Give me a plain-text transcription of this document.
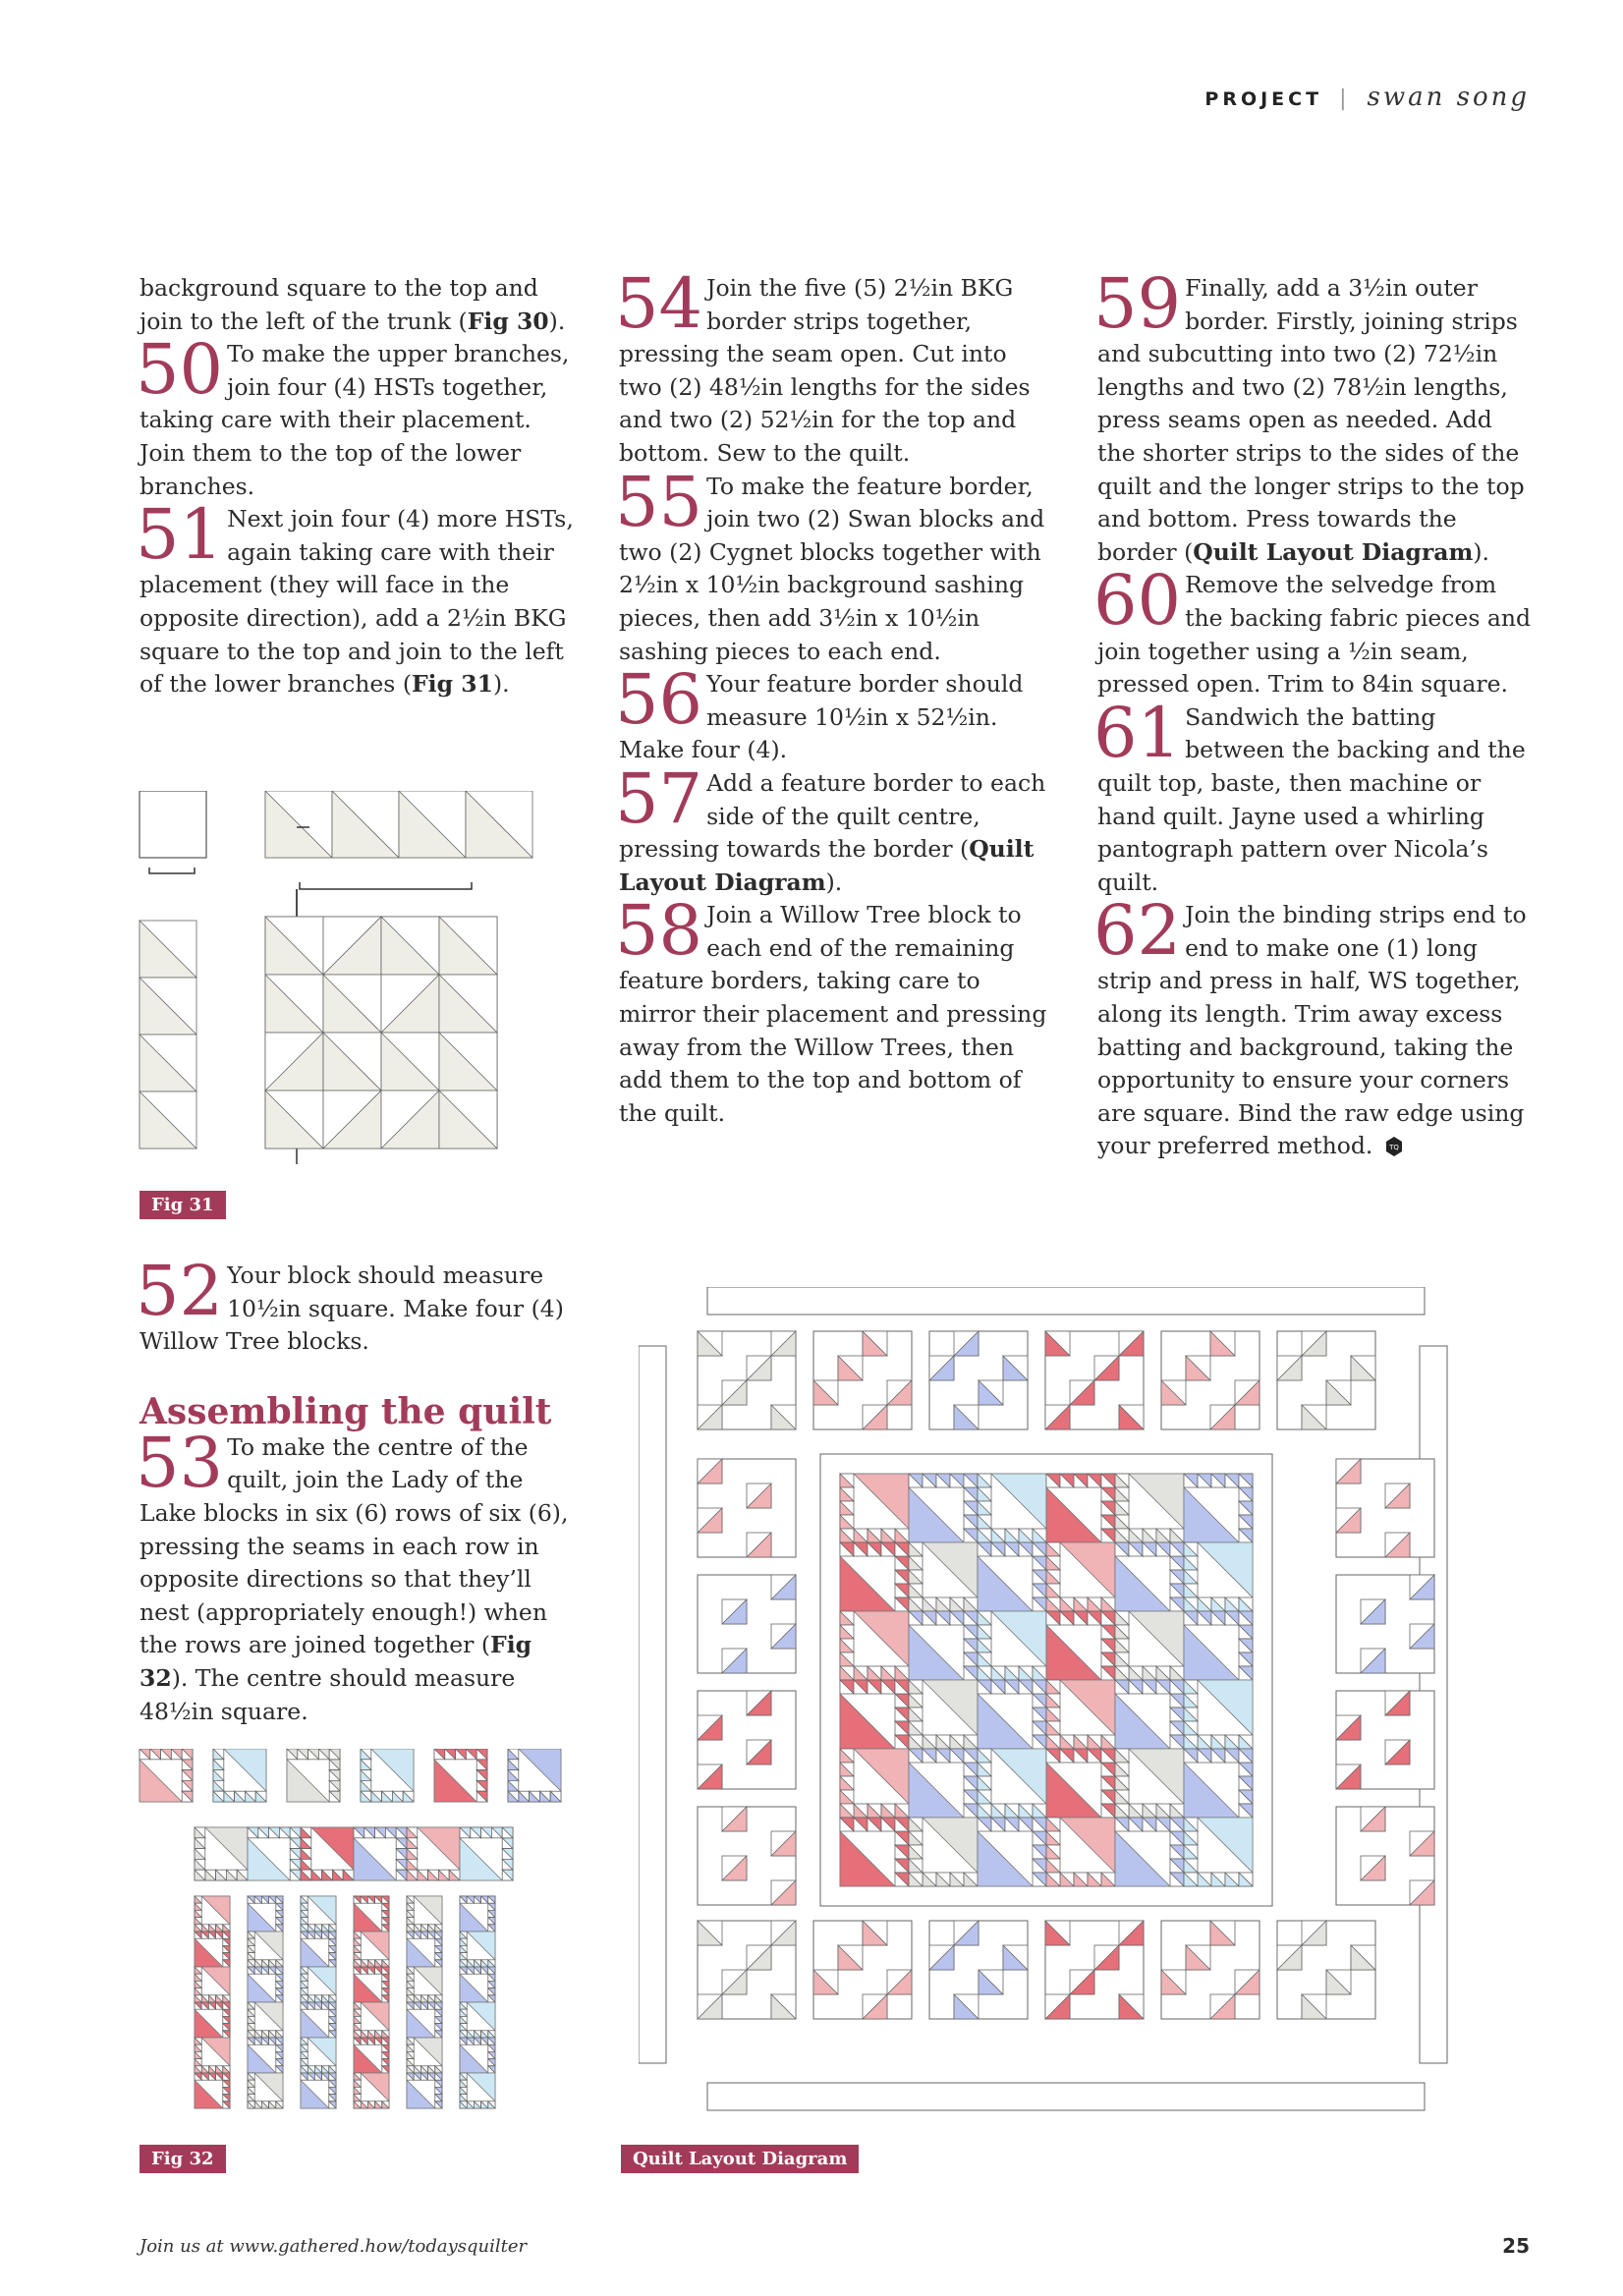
PROJECT | swan song

background square to the top and join to the left of the trunk (Fig 30).

50 To make the upper branches, join four (4) HSTs together, taking care with their placement. Join them to the top of the lower branches.

51 Next join four (4) more HSTs, again taking care with their placement (they will face in the opposite direction), add a 2½in BKG square to the top and join to the left of the lower branches (Fig 31).

52 Your block should measure 10½in square. Make four (4) Willow Tree blocks.

Assembling the quilt

53 To make the centre of the quilt, join the Lady of the Lake blocks in six (6) rows of six (6), pressing the seams in each row in opposite directions so that they’ll nest (appropriately enough!) when the rows are joined together (Fig 32). The centre should measure 48½in square.

54 Join the five (5) 2½in BKG border strips together, pressing the seam open. Cut into two (2) 48½in lengths for the sides and two (2) 52½in for the top and bottom. Sew to the quilt.

55 To make the feature border, join two (2) Swan blocks and two (2) Cygnet blocks together with 2½in x 10½in background sashing pieces, then add 3½in x 10½in sashing pieces to each end.

56 Your feature border should measure 10½in x 52½in. Make four (4).

57 Add a feature border to each side of the quilt centre, pressing towards the border (Quilt Layout Diagram).

58 Join a Willow Tree block to each end of the remaining feature borders, taking care to mirror their placement and pressing away from the Willow Trees, then add them to the top and bottom of the quilt.

59 Finally, add a 3½in outer border. Firstly, joining strips and subcutting into two (2) 72½in lengths and two (2) 78½in lengths, press seams open as needed. Add the shorter strips to the sides of the quilt and the longer strips to the top and bottom. Press towards the border (Quilt Layout Diagram).

60 Remove the selvedge from the backing fabric pieces and join together using a ½in seam, pressed open. Trim to 84in square.

61 Sandwich the batting between the backing and the quilt top, baste, then machine or hand quilt. Jayne used a whirling pantograph pattern over Nicola’s quilt.

62 Join the binding strips end to end to make one (1) long strip and press in half, WS together, along its length. Trim away excess batting and background, taking the opportunity to ensure your corners are square. Bind the raw edge using your preferred method. TQ

Fig 31
Fig 32	Quilt Layout Diagram
Join us at www.gathered.how/todaysquilter	25
